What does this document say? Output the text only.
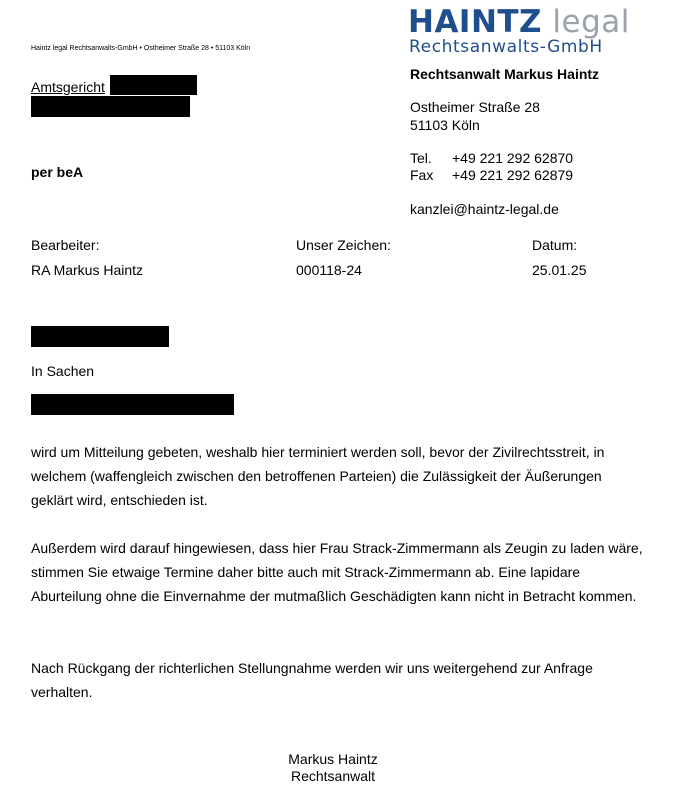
HAINTZ legal
Rechtsanwalts-GmbH
Haintz legal Rechtsanwalts-GmbH • Ostheimer Straße 28 • 51103 Köln
Amtsgericht
per beA
Rechtsanwalt Markus Haintz
Ostheimer Straße 28
51103 Köln
Tel. +49 221 292 62870
Fax +49 221 292 62879
kanzlei@haintz-legal.de
Bearbeiter:
RA Markus Haintz
Unser Zeichen:
000118-24
Datum:
25.01.25
In Sachen
wird um Mitteilung gebeten, weshalb hier terminiert werden soll, bevor der Zivilrechtsstreit, in welchem (waffengleich zwischen den betroffenen Parteien) die Zulässigkeit der Äußerungen geklärt wird, entschieden ist.
Außerdem wird darauf hingewiesen, dass hier Frau Strack-Zimmermann als Zeugin zu laden wäre, stimmen Sie etwaige Termine daher bitte auch mit Strack-Zimmermann ab. Eine lapidare Aburteilung ohne die Einvernahme der mutmaßlich Geschädigten kann nicht in Betracht kommen.
Nach Rückgang der richterlichen Stellungnahme werden wir uns weitergehend zur Anfrage verhalten.
Markus Haintz
Rechtsanwalt
